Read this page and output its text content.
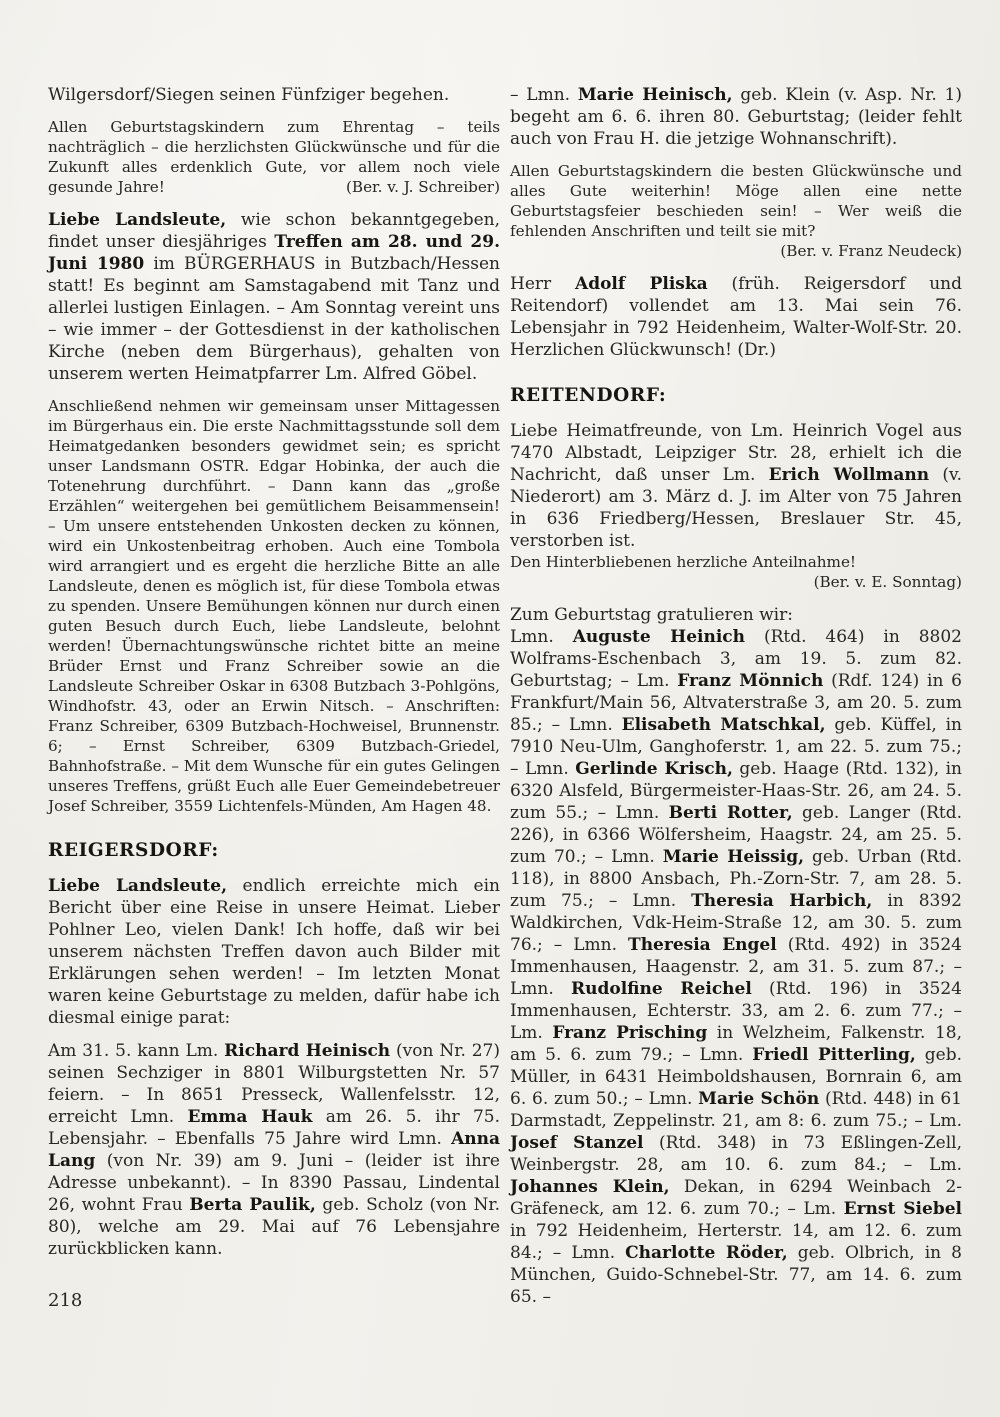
Wilgersdorf/Siegen seinen Fünfziger begehen.

Allen Geburtstagskindern zum Ehrentag – teils nachträglich – die herzlichsten Glückwünsche und für die Zukunft alles erdenklich Gute, vor allem noch viele gesunde Jahre!	(Ber. v. J. Schreiber)

Liebe Landsleute, wie schon bekanntgegeben, findet unser diesjähriges Treffen am 28. und 29. Juni 1980 im BÜRGERHAUS in Butzbach/Hessen statt! Es beginnt am Samstagabend mit Tanz und allerlei lustigen Einlagen. – Am Sonntag vereint uns – wie immer – der Gottesdienst in der katholischen Kirche (neben dem Bürgerhaus), gehalten von unserem werten Heimatpfarrer Lm. Alfred Göbel.

Anschließend nehmen wir gemeinsam unser Mittagessen im Bürgerhaus ein. Die erste Nachmittagsstunde soll dem Heimatgedanken besonders gewidmet sein; es spricht unser Landsmann OSTR. Edgar Hobinka, der auch die Totenehrung durchführt. – Dann kann das „große Erzählen“ weitergehen bei gemütlichem Beisammensein! – Um unsere entstehenden Unkosten decken zu können, wird ein Unkostenbeitrag erhoben. Auch eine Tombola wird arrangiert und es ergeht die herzliche Bitte an alle Landsleute, denen es möglich ist, für diese Tombola etwas zu spenden. Unsere Bemühungen können nur durch einen guten Besuch durch Euch, liebe Landsleute, belohnt werden! Übernachtungswünsche richtet bitte an meine Brüder Ernst und Franz Schreiber sowie an die Landsleute Schreiber Oskar in 6308 Butzbach 3-Pohlgöns, Windhofstr. 43, oder an Erwin Nitsch. – Anschriften: Franz Schreiber, 6309 Butzbach-Hochweisel, Brunnenstr. 6; – Ernst Schreiber, 6309 Butzbach-Griedel, Bahnhofstraße. – Mit dem Wunsche für ein gutes Gelingen unseres Treffens, grüßt Euch alle Euer Gemeindebetreuer Josef Schreiber, 3559 Lichtenfels-Münden, Am Hagen 48.

REIGERSDORF:

Liebe Landsleute, endlich erreichte mich ein Bericht über eine Reise in unsere Heimat. Lieber Pohlner Leo, vielen Dank! Ich hoffe, daß wir bei unserem nächsten Treffen davon auch Bilder mit Erklärungen sehen werden! – Im letzten Monat waren keine Geburtstage zu melden, dafür habe ich diesmal einige parat:

Am 31. 5. kann Lm. Richard Heinisch (von Nr. 27) seinen Sechziger in 8801 Wilburgstetten Nr. 57 feiern. – In 8651 Presseck, Wallenfelsstr. 12, erreicht Lmn. Emma Hauk am 26. 5. ihr 75. Lebensjahr. – Ebenfalls 75 Jahre wird Lmn. Anna Lang (von Nr. 39) am 9. Juni – (leider ist ihre Adresse unbekannt). – In 8390 Passau, Lindental 26, wohnt Frau Berta Paulik, geb. Scholz (von Nr. 80), welche am 29. Mai auf 76 Lebensjahre zurückblicken kann.

218

– Lmn. Marie Heinisch, geb. Klein (v. Asp. Nr. 1) begeht am 6. 6. ihren 80. Geburtstag; (leider fehlt auch von Frau H. die jetzige Wohnanschrift).

Allen Geburtstagskindern die besten Glückwünsche und alles Gute weiterhin! Möge allen eine nette Geburtstagsfeier beschieden sein! – Wer weiß die fehlenden Anschriften und teilt sie mit?

(Ber. v. Franz Neudeck)

Herr Adolf Pliska (früh. Reigersdorf und Reitendorf) vollendet am 13. Mai sein 76. Lebensjahr in 792 Heidenheim, Walter-Wolf-Str. 20. Herzlichen Glückwunsch! (Dr.)

REITENDORF:

Liebe Heimatfreunde, von Lm. Heinrich Vogel aus 7470 Albstadt, Leipziger Str. 28, erhielt ich die Nachricht, daß unser Lm. Erich Wollmann (v. Niederort) am 3. März d. J. im Alter von 75 Jahren in 636 Friedberg/Hessen, Breslauer Str. 45, verstorben ist.

Den Hinterbliebenen herzliche Anteilnahme!

(Ber. v. E. Sonntag)

Zum Geburtstag gratulieren wir:

Lmn. Auguste Heinich (Rtd. 464) in 8802 Wolframs-Eschenbach 3, am 19. 5. zum 82. Geburtstag; – Lm. Franz Mönnich (Rdf. 124) in 6 Frankfurt/Main 56, Altvaterstraße 3, am 20. 5. zum 85.; – Lmn. Elisabeth Matschkal, geb. Küffel, in 7910 Neu-Ulm, Ganghoferstr. 1, am 22. 5. zum 75.; – Lmn. Gerlinde Krisch, geb. Haage (Rtd. 132), in 6320 Alsfeld, Bürgermeister-Haas-Str. 26, am 24. 5. zum 55.; – Lmn. Berti Rotter, geb. Langer (Rtd. 226), in 6366 Wölfersheim, Haagstr. 24, am 25. 5. zum 70.; – Lmn. Marie Heissig, geb. Urban (Rtd. 118), in 8800 Ansbach, Ph.-Zorn-Str. 7, am 28. 5. zum 75.; – Lmn. Theresia Harbich, in 8392 Waldkirchen, Vdk-Heim-Straße 12, am 30. 5. zum 76.; – Lmn. Theresia Engel (Rtd. 492) in 3524 Immenhausen, Haagenstr. 2, am 31. 5. zum 87.; – Lmn. Rudolfine Reichel (Rtd. 196) in 3524 Immenhausen, Echterstr. 33, am 2. 6. zum 77.; – Lm. Franz Prisching in Welzheim, Falkenstr. 18, am 5. 6. zum 79.; – Lmn. Friedl Pitterling, geb. Müller, in 6431 Heimboldshausen, Bornrain 6, am 6. 6. zum 50.; – Lmn. Marie Schön (Rtd. 448) in 61 Darmstadt, Zeppelinstr. 21, am 8: 6. zum 75.; – Lm. Josef Stanzel (Rtd. 348) in 73 Eßlingen-Zell, Weinbergstr. 28, am 10. 6. zum 84.; – Lm. Johannes Klein, Dekan, in 6294 Weinbach 2-Gräfeneck, am 12. 6. zum 70.; – Lm. Ernst Siebel in 792 Heidenheim, Herterstr. 14, am 12. 6. zum 84.; – Lmn. Charlotte Röder, geb. Olbrich, in 8 München, Guido-Schnebel-Str. 77, am 14. 6. zum 65. –
